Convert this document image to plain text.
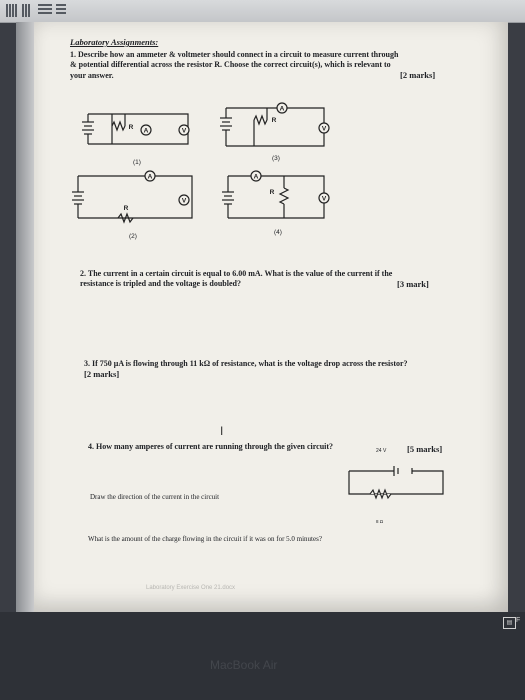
Laboratory Assignments:
1. Describe how an ammeter & voltmeter should connect in a circuit to measure current through
& potential differential across the resistor R. Choose the correct circuit(s), which is relevant to
your answer.	[2 marks]
A	V
R
A
V
R
A
V
R
A
V
R
(1)
(3)
(2)
(4)
2. The current in a certain circuit is equal to 6.00 mA. What is the value of the current if the
resistance is tripled and the voltage is doubled?	[3 mark]
3. If 750 μA is flowing through 11 kΩ of resistance, what is the voltage drop across the resistor?
[2 marks]
I
4. How many amperes of current are running through the given circuit?	24 V [5 marks]
Draw the direction of the current in the circuit
8 Ω
What is the amount of the charge flowing in the circuit if it was on for 5.0 minutes?
Laboratory Exercise One 21.docx
▤ F
MacBook Air
